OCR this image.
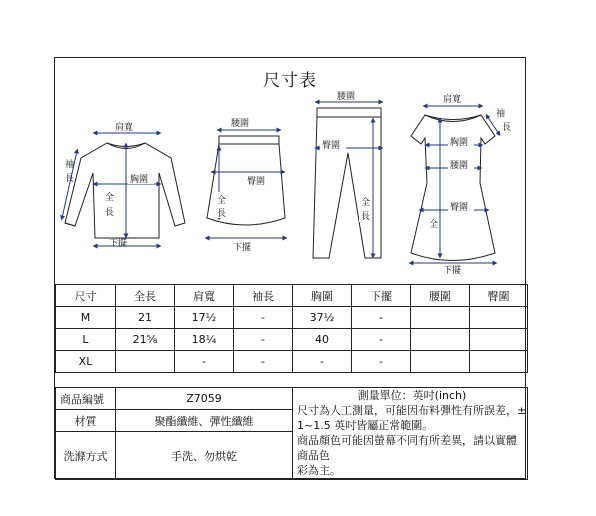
尺寸表
肩寬
袖
長	胸圍
全
長
下擺
腰圍
臀圍
全
長
下擺
腰圍
臀圍
全
長
肩寬
胸圍
腰圍
臀圍
全
袖
長
下擺
尺寸	全長	肩寬	袖長	胸圍	下擺	腰圍	臀圍
M	21	17½	-	37½	-		
L	21⅝	18¼	-	40	-		
XL		-	-	-	-		
商品編號	Z7059	測量單位：英吋(inch)
尺寸為人工測量，可能因布料彈性有所誤差，±
1~1.5 英吋皆屬正常範圍。
商品顏色可能因螢幕不同有所差異，請以實體商品色
彩為主。

材質	聚酯纖維、彈性纖維	
洗滌方式	手洗、勿烘乾	
